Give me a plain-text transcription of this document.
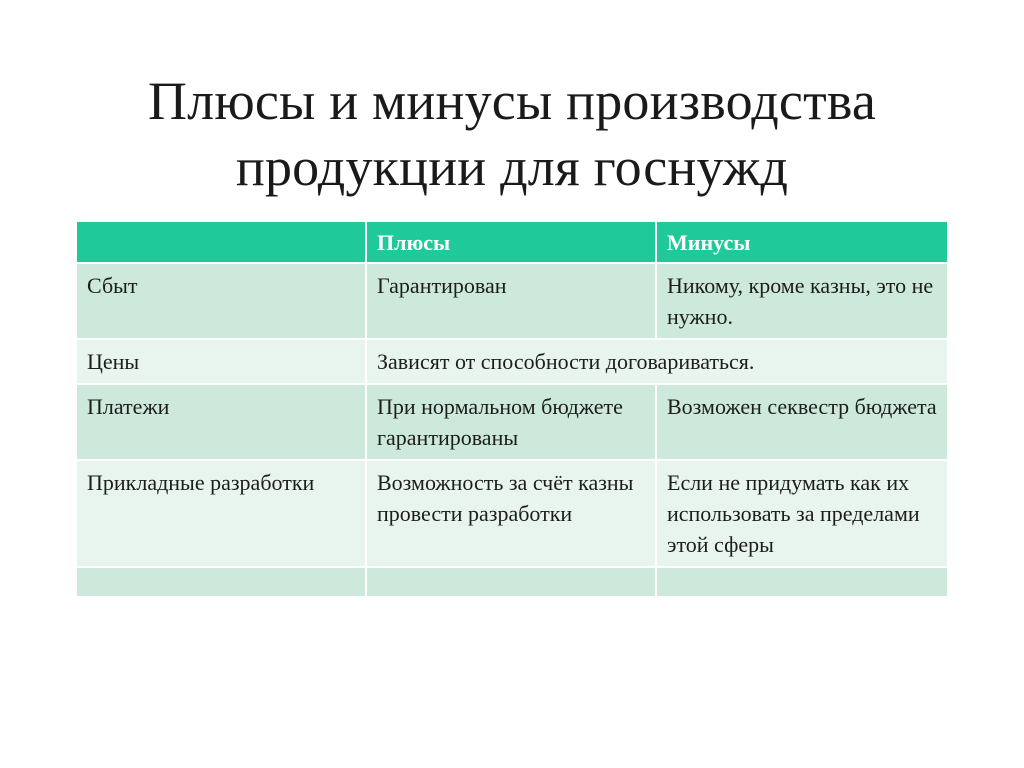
Плюсы и минусы производства
продукции для госнужд
	Плюсы	Минусы
Сбыт	Гарантирован	Никому, кроме казны, это не нужно.
Цены	Зависят от способности договариваться.	
Платежи	При нормальном бюджете гарантированы	Возможен секвестр бюджета
Прикладные разработки	Возможность за счёт казны провести разработки	Если не придумать как их использовать за пределами этой сферы
